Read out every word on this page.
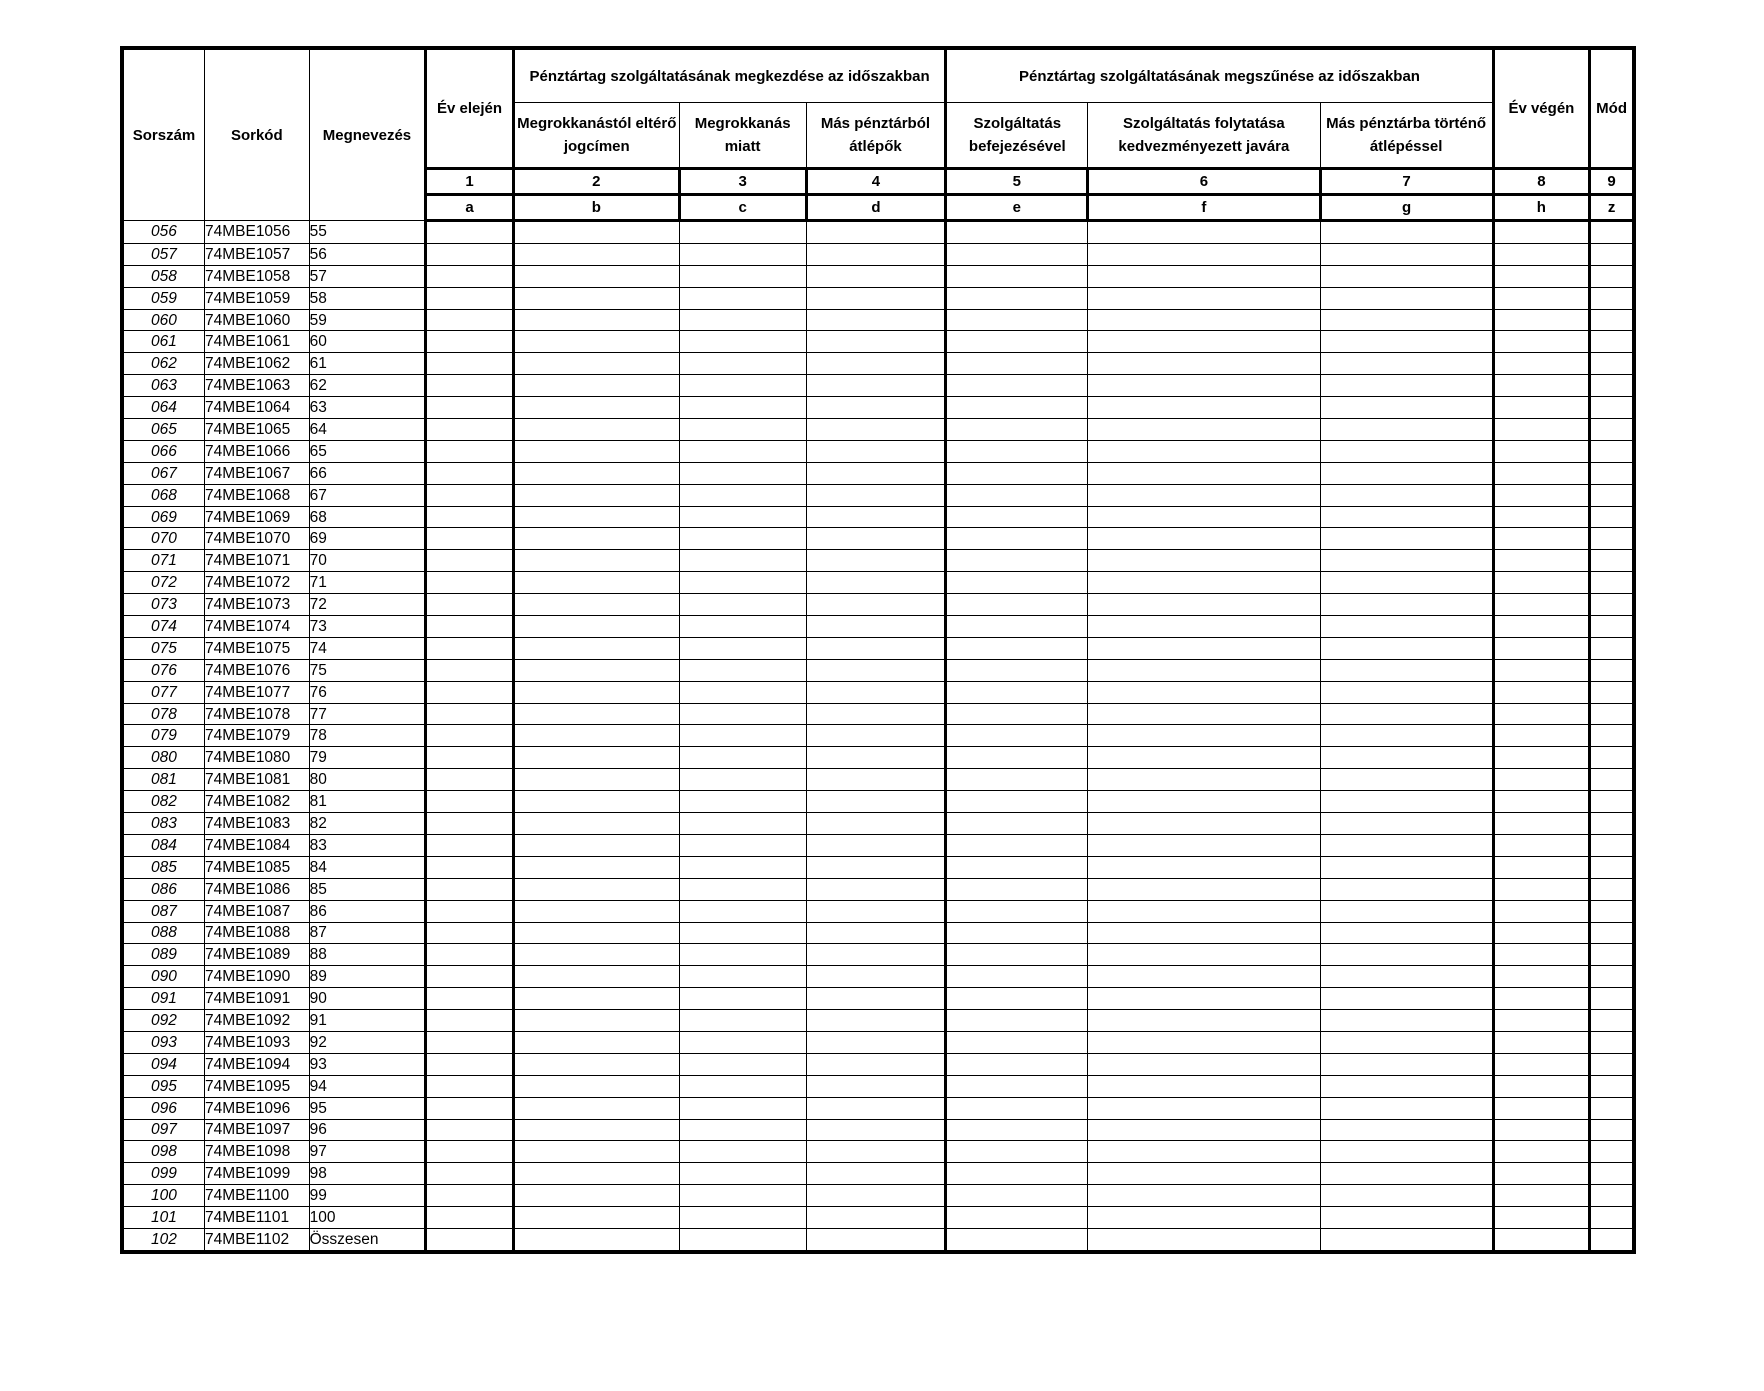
Sorszám	Sorkód	Megnevezés	Év elején	Pénztártag szolgáltatásának megkezdése az időszakban			Pénztártag szolgáltatásának megszűnése az időszakban			Év végén	Mód
				Megrokkanástól eltérő jogcímen	Megrokkanás miatt	Más pénztárból átlépők	Szolgáltatás befejezésével	Szolgáltatás folytatása kedvezményezett javára	Más pénztárba történő átlépéssel		
			1	2	3	4	5	6	7	8	9
			a	b	c	d	e	f	g	h	z
056	74MBE1056	55									
057	74MBE1057	56									
058	74MBE1058	57									
059	74MBE1059	58									
060	74MBE1060	59									
061	74MBE1061	60									
062	74MBE1062	61									
063	74MBE1063	62									
064	74MBE1064	63									
065	74MBE1065	64									
066	74MBE1066	65									
067	74MBE1067	66									
068	74MBE1068	67									
069	74MBE1069	68									
070	74MBE1070	69									
071	74MBE1071	70									
072	74MBE1072	71									
073	74MBE1073	72									
074	74MBE1074	73									
075	74MBE1075	74									
076	74MBE1076	75									
077	74MBE1077	76									
078	74MBE1078	77									
079	74MBE1079	78									
080	74MBE1080	79									
081	74MBE1081	80									
082	74MBE1082	81									
083	74MBE1083	82									
084	74MBE1084	83									
085	74MBE1085	84									
086	74MBE1086	85									
087	74MBE1087	86									
088	74MBE1088	87									
089	74MBE1089	88									
090	74MBE1090	89									
091	74MBE1091	90									
092	74MBE1092	91									
093	74MBE1093	92									
094	74MBE1094	93									
095	74MBE1095	94									
096	74MBE1096	95									
097	74MBE1097	96									
098	74MBE1098	97									
099	74MBE1099	98									
100	74MBE1100	99									
101	74MBE1101	100									
102	74MBE1102	Összesen									
